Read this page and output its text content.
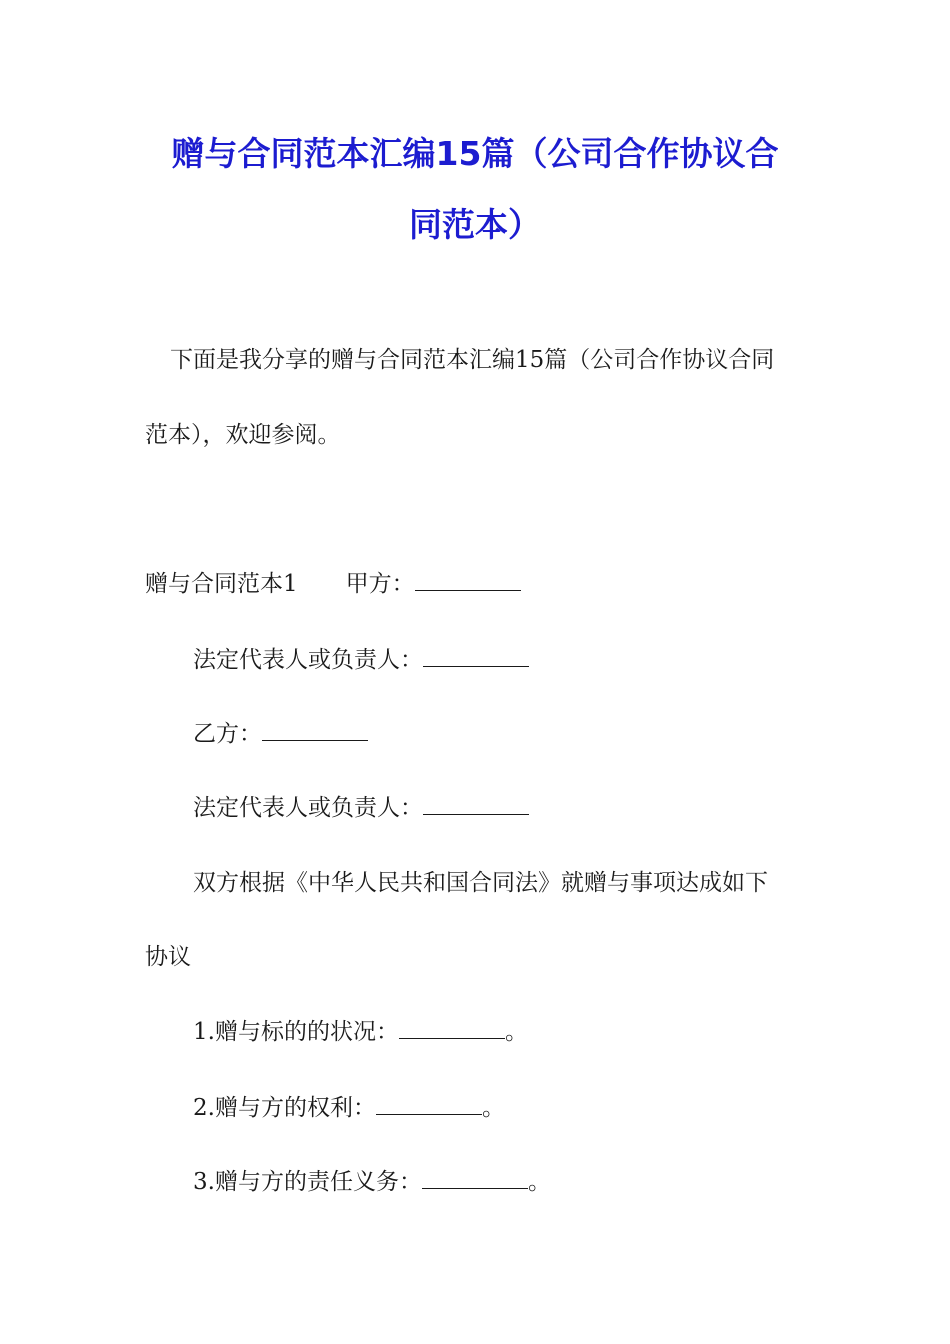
赠与合同范本汇编15篇（公司合作协议合
同范本）

下面是我分享的赠与合同范本汇编15篇（公司合作协议合同

范本），欢迎参阅。

赠与合同范本1 甲方：

法定代表人或负责人：

乙方：

法定代表人或负责人：

双方根据《中华人民共和国合同法》就赠与事项达成如下

协议

1.赠与标的的状况：	。

2.赠与方的权利：	。

3.赠与方的责任义务：	。
